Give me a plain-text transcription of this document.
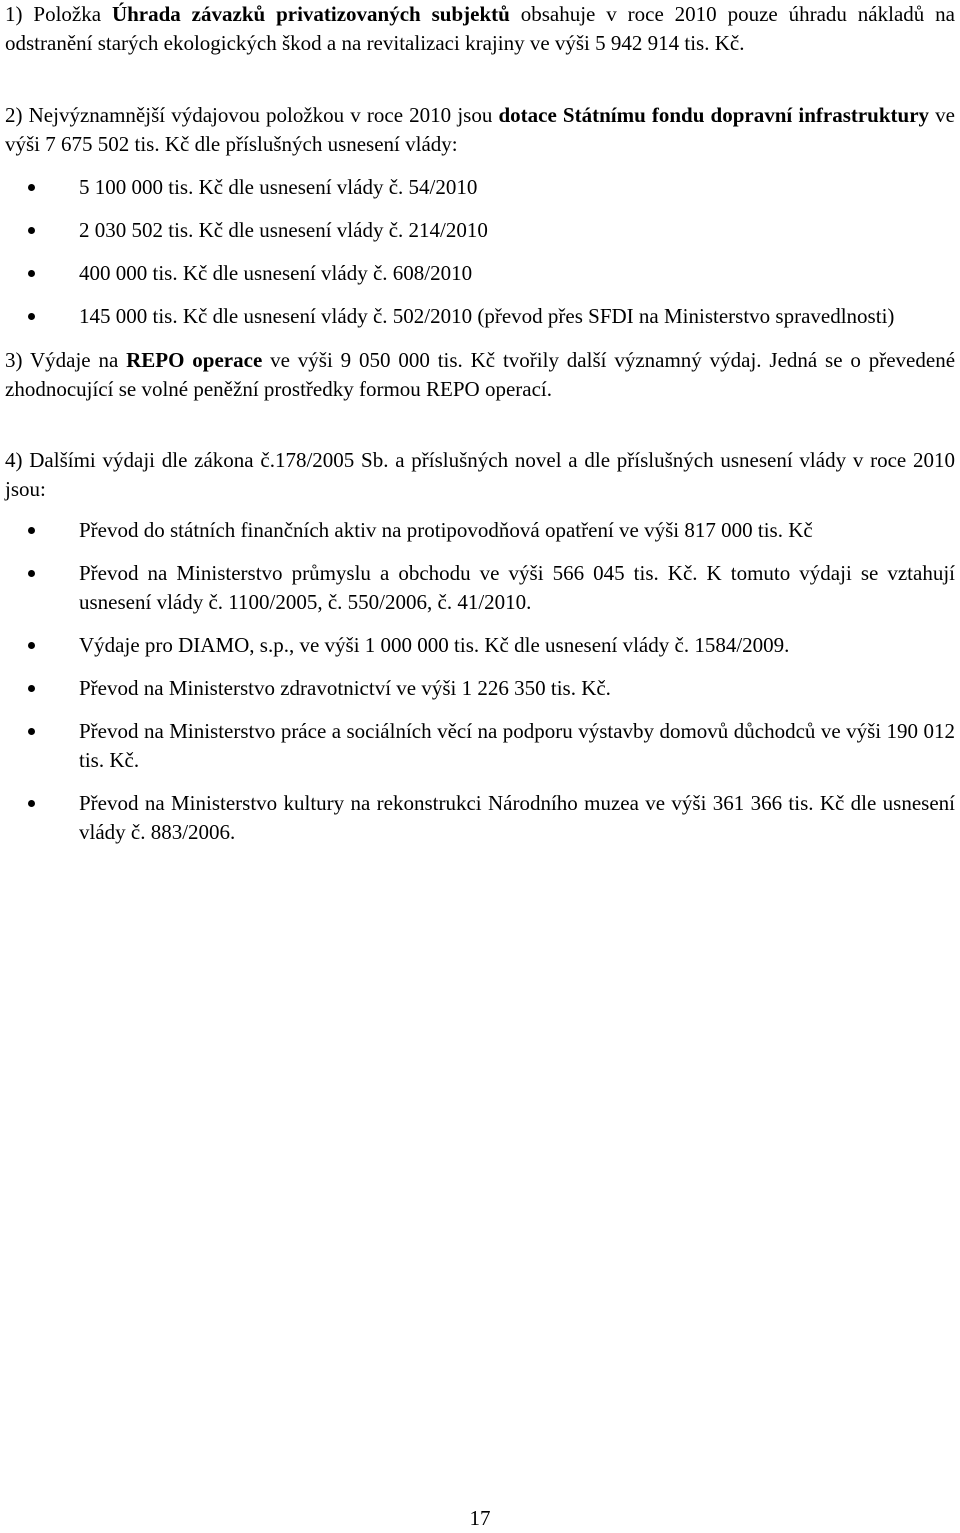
1) Položka Úhrada závazků privatizovaných subjektů obsahuje v roce 2010 pouze úhradu nákladů na odstranění starých ekologických škod a na revitalizaci krajiny ve výši 5 942 914 tis. Kč.

2) Nejvýznamnější výdajovou položkou v roce 2010 jsou dotace Státnímu fondu dopravní infrastruktury ve výši 7 675 502 tis. Kč dle příslušných usnesení vlády:

5 100 000 tis. Kč dle usnesení vlády č. 54/2010
2 030 502 tis. Kč dle usnesení vlády č. 214/2010
400 000 tis. Kč dle usnesení vlády č. 608/2010
145 000 tis. Kč dle usnesení vlády č. 502/2010 (převod přes SFDI na Ministerstvo spravedlnosti)

3) Výdaje na REPO operace ve výši 9 050 000 tis. Kč tvořily další významný výdaj. Jedná se o převedené zhodnocující se volné peněžní prostředky formou REPO operací.

4) Dalšími výdaji dle zákona č.178/2005 Sb. a příslušných novel a dle příslušných usnesení vlády v roce 2010 jsou:

Převod do státních finančních aktiv na protipovodňová opatření ve výši 817 000 tis. Kč
Převod na Ministerstvo průmyslu a obchodu ve výši 566 045 tis. Kč. K tomuto výdaji se vztahují usnesení vlády č. 1100/2005, č. 550/2006, č. 41/2010.
Výdaje pro DIAMO, s.p., ve výši 1 000 000 tis. Kč dle usnesení vlády č. 1584/2009.
Převod na Ministerstvo zdravotnictví ve výši 1 226 350 tis. Kč.
Převod na Ministerstvo práce a sociálních věcí na podporu výstavby domovů důchodců ve výši 190 012 tis. Kč.
Převod na Ministerstvo kultury na rekonstrukci Národního muzea ve výši 361 366 tis. Kč dle usnesení vlády č. 883/2006.
17
